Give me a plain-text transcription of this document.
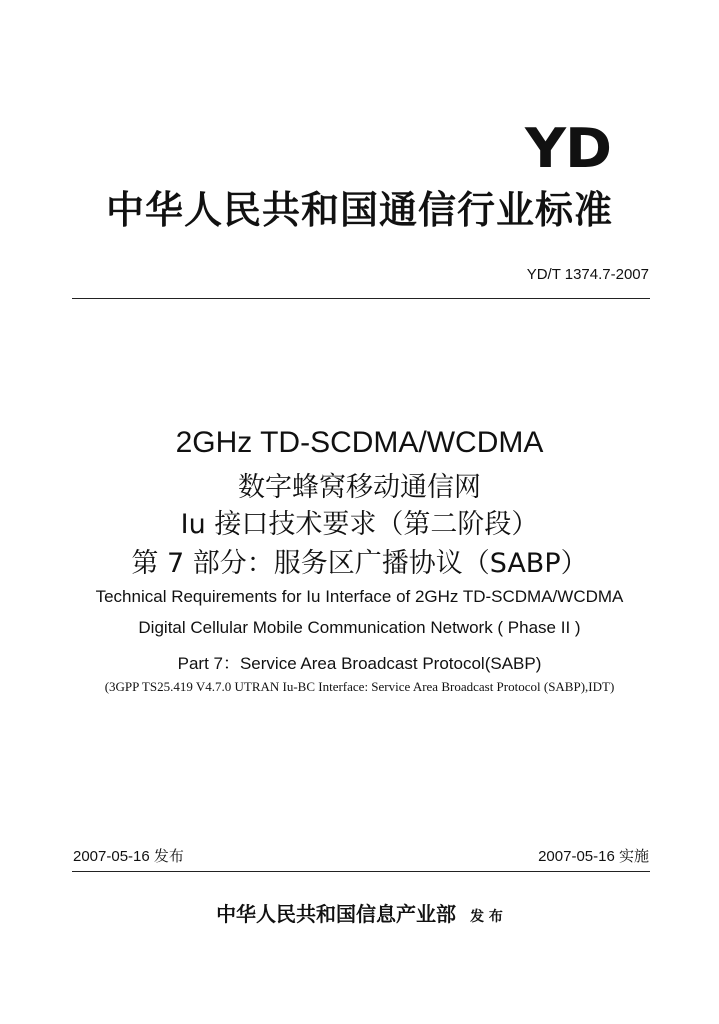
YD
中华人民共和国通信行业标准
YD/T 1374.7-2007
2GHz TD-SCDMA/WCDMA
数字蜂窝移动通信网
Iu 接口技术要求（第二阶段）
第 7 部分：服务区广播协议（SABP）
Technical Requirements for Iu Interface of 2GHz TD-SCDMA/WCDMA
Digital Cellular Mobile Communication Network ( Phase II )
Part 7：Service Area Broadcast Protocol(SABP)
(3GPP TS25.419 V4.7.0 UTRAN Iu-BC Interface: Service Area Broadcast Protocol (SABP),IDT)
2007-05-16 发布	2007-05-16 实施
中华人民共和国信息产业部 发 布
